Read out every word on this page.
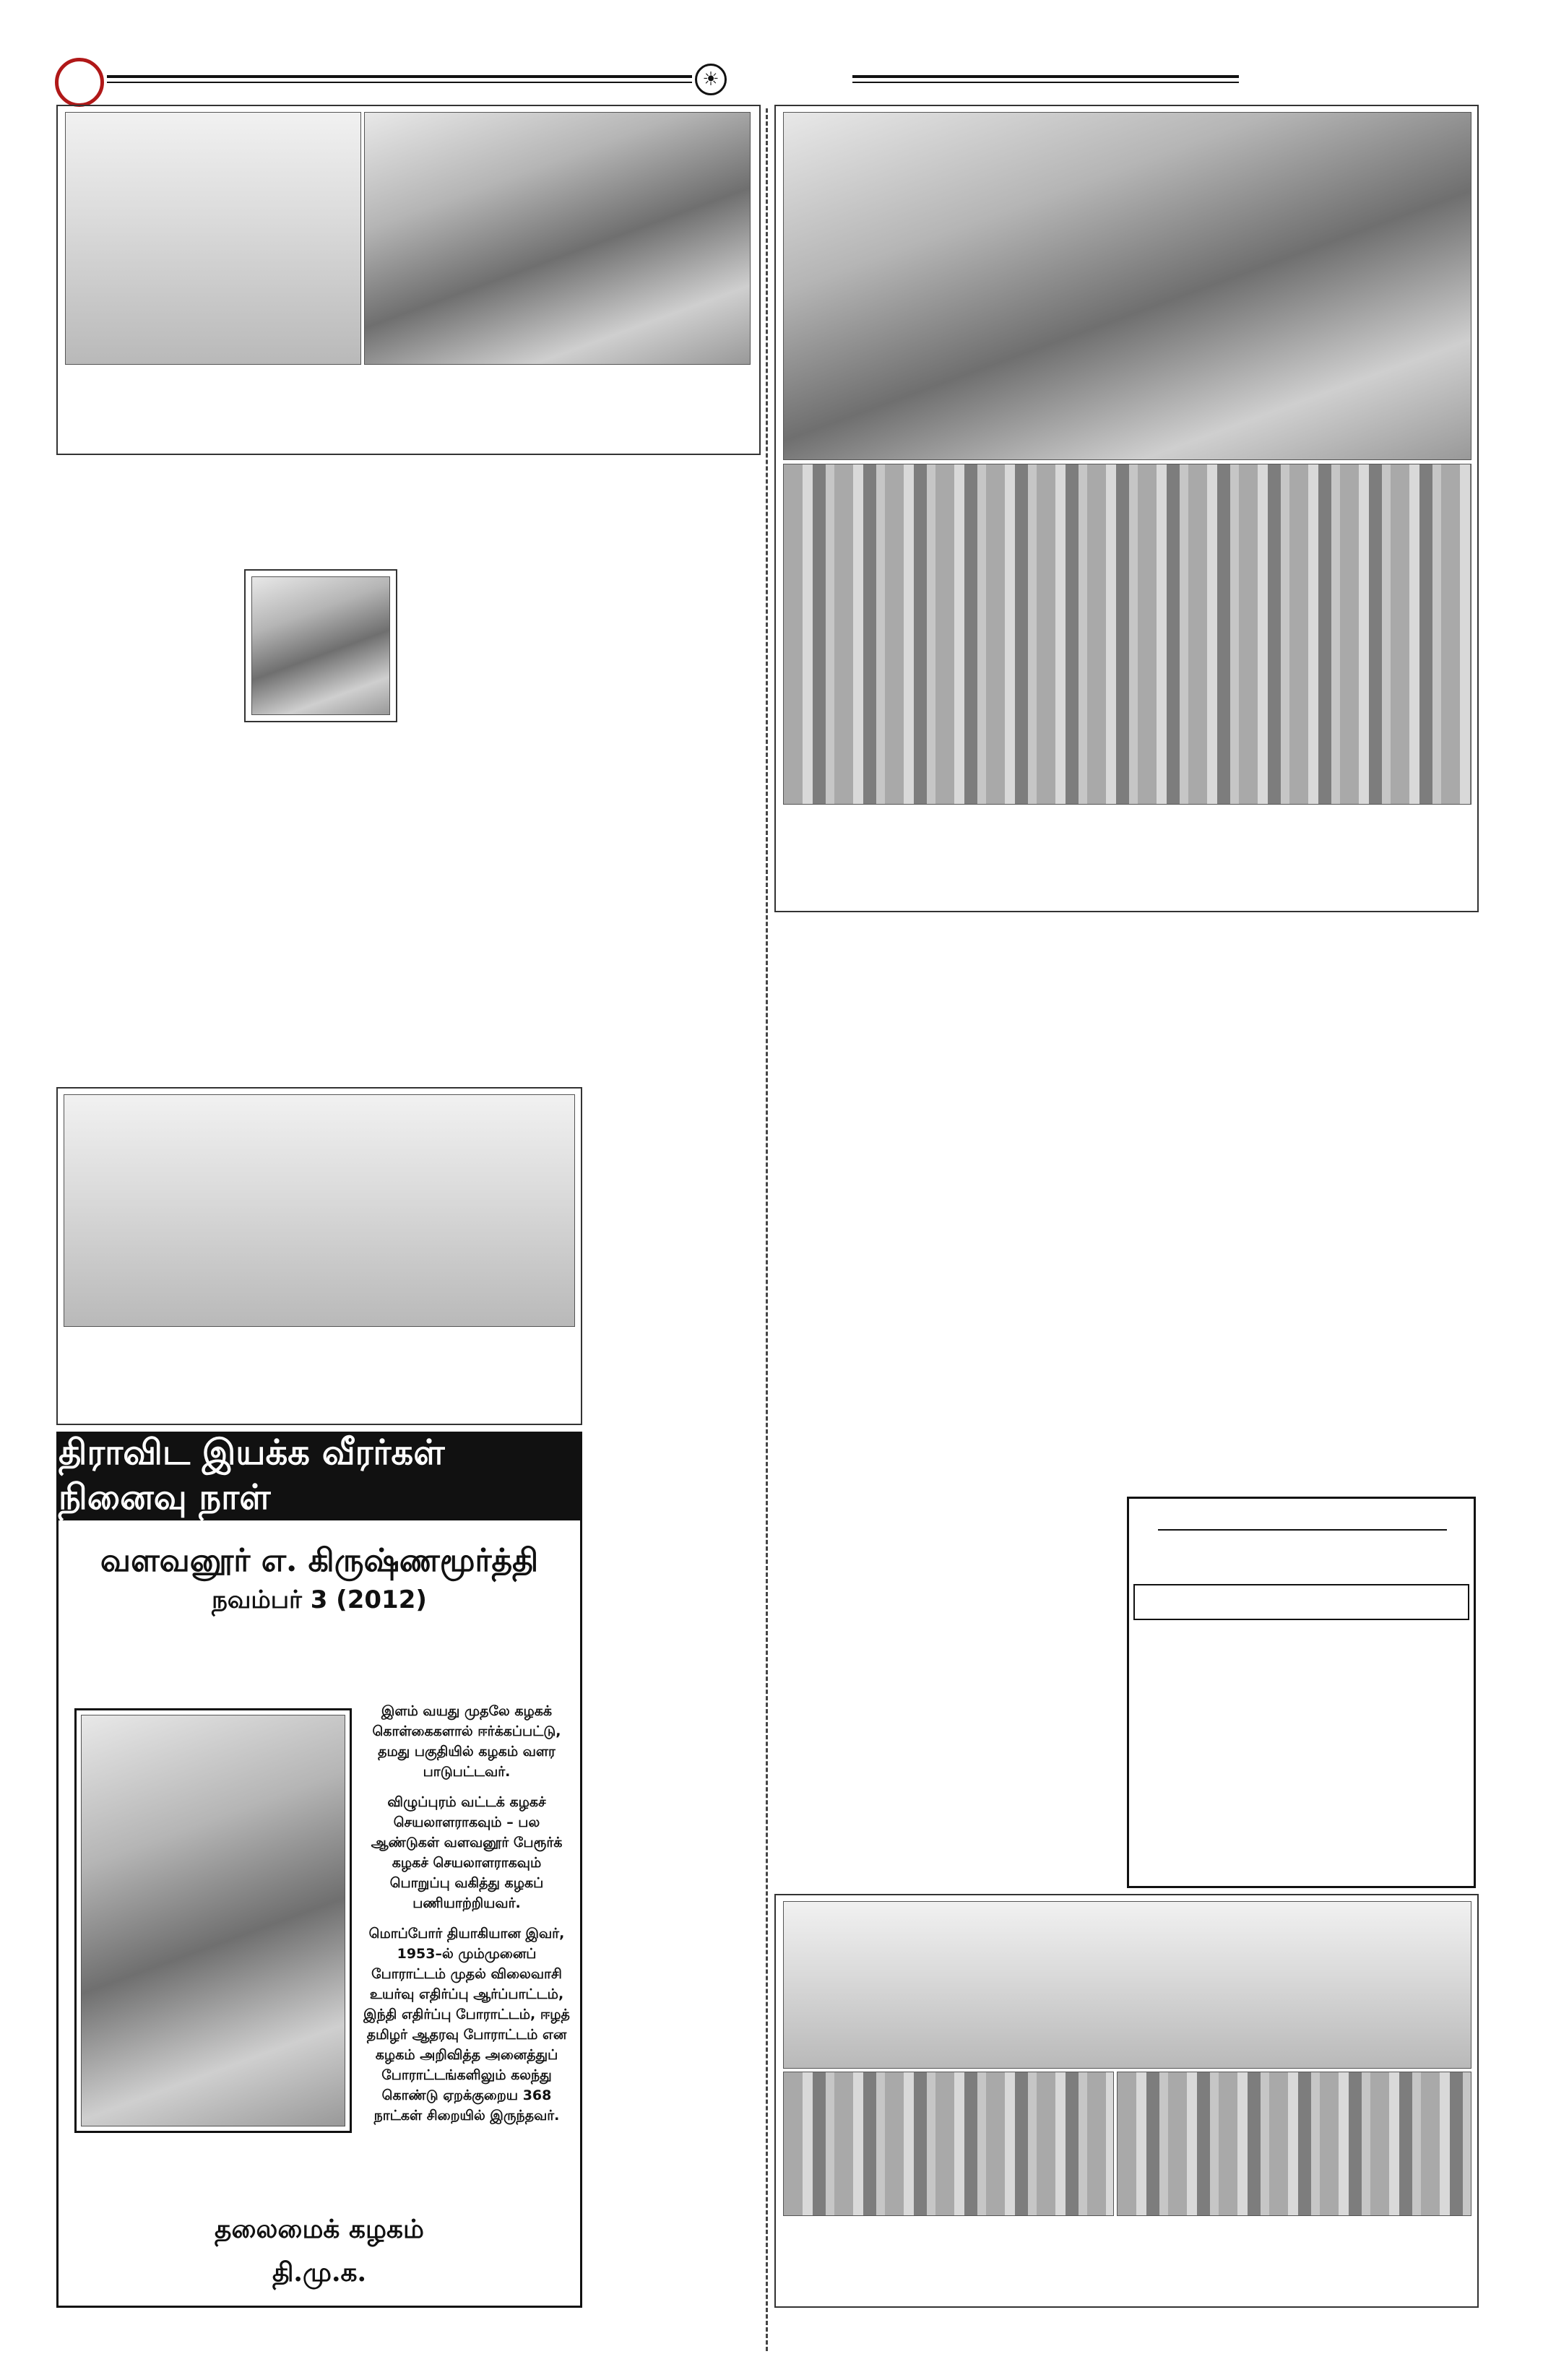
☀
திராவிட இயக்க வீரர்கள் நினைவு நாள்
வளவனூர் எ. கிருஷ்ணமூர்த்தி
நவம்பர் 3 (2012)

இளம் வயது முதலே கழகக் கொள்கைகளால் ஈர்க்கப்பட்டு, தமது பகுதியில் கழகம் வளர பாடுபட்டவர்.

விழுப்புரம் வட்டக் கழகச் செயலாளராகவும் – பல ஆண்டுகள் வளவனூர் பேரூர்க் கழகச் செயலாளராகவும் பொறுப்பு வகித்து கழகப் பணியாற்றியவர்.

மொப்போர் தியாகியான இவர், 1953–ல் மும்முனைப் போராட்டம் முதல் விலைவாசி உயர்வு எதிர்ப்பு ஆர்ப்பாட்டம், இந்தி எதிர்ப்பு போராட்டம், ஈழத் தமிழர் ஆதரவு போராட்டம் என கழகம் அறிவித்த அனைத்துப் போராட்டங்களிலும் கலந்து கொண்டு ஏறக்குறைய 368 நாட்கள் சிறையில் இருந்தவர்.

தலைமைக் கழகம்
தி.மு.க.
